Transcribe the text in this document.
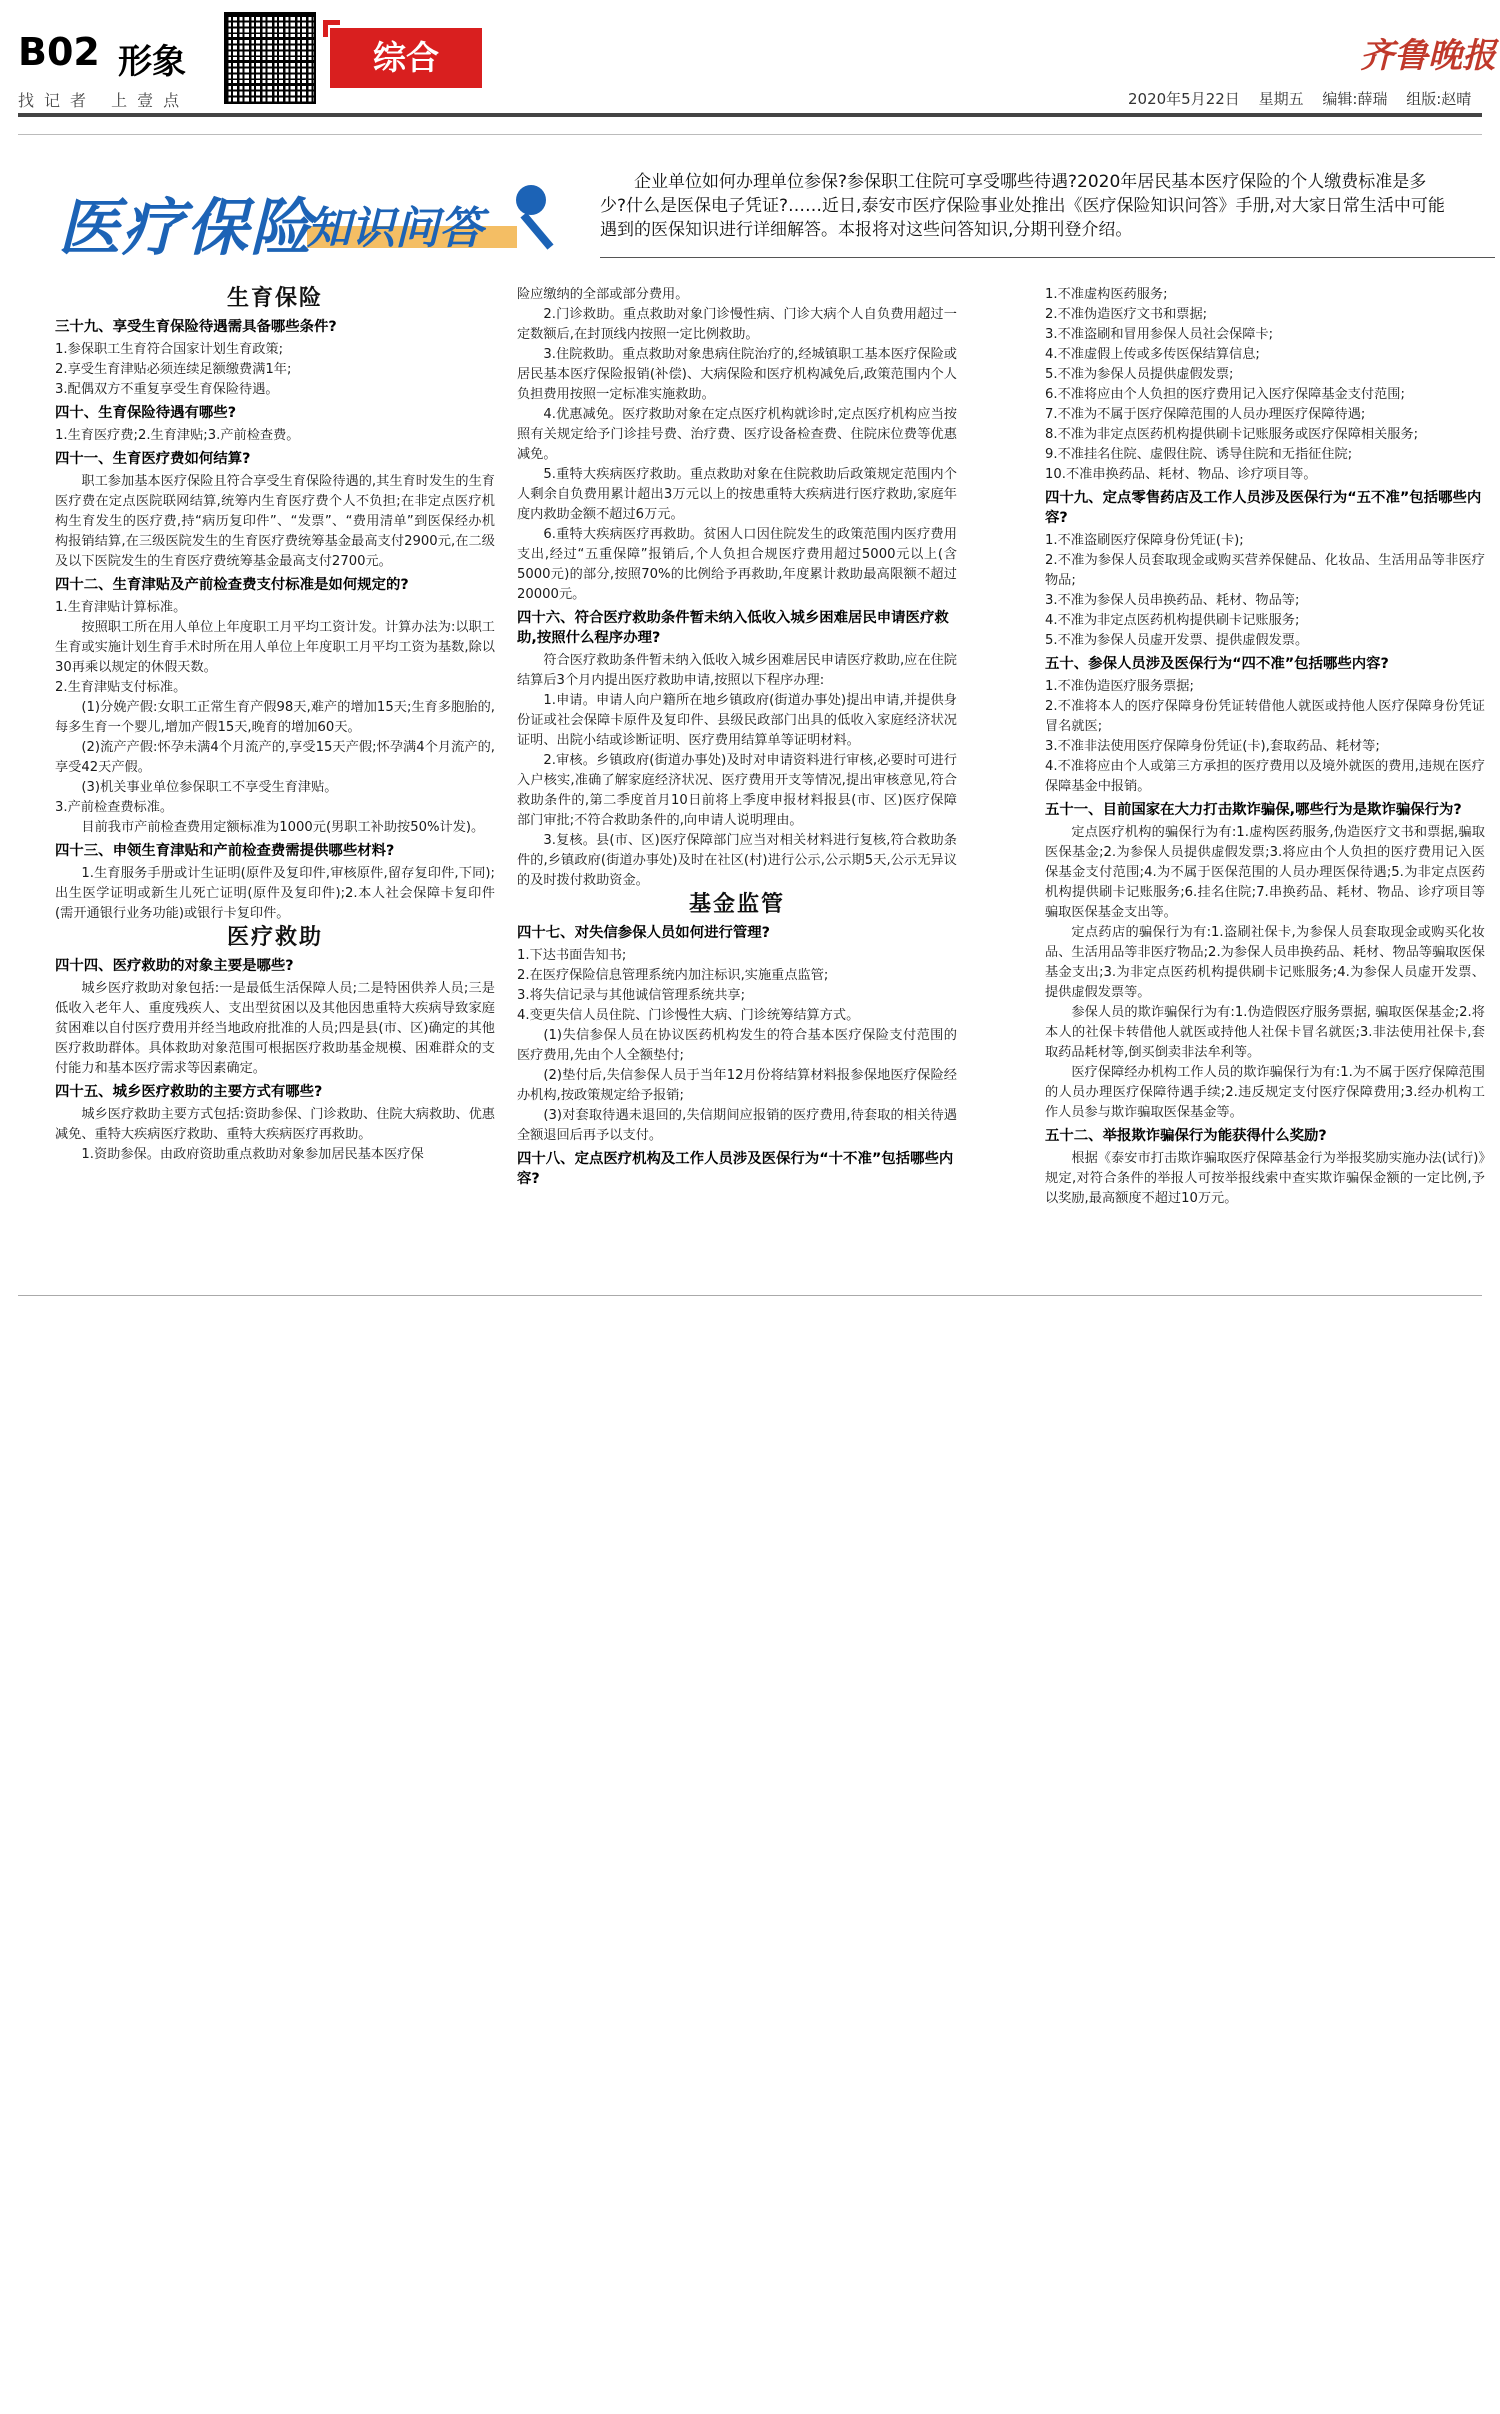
B02 形象	综合
找记者 上壹点
齐鲁晚报
2020年5月22日 星期五 编辑:薛瑞 组版:赵晴
医疗保险
知识问答
企业单位如何办理单位参保?参保职工住院可享受哪些待遇?2020年居民基本医疗保险的个人缴费标准是多少?什么是医保电子凭证?……近日,泰安市医疗保险事业处推出《医疗保险知识问答》手册,对大家日常生活中可能遇到的医保知识进行详细解答。本报将对这些问答知识,分期刊登介绍。
生育保险
三十九、享受生育保险待遇需具备哪些条件?

1.参保职工生育符合国家计划生育政策;

2.享受生育津贴必须连续足额缴费满1年;

3.配偶双方不重复享受生育保险待遇。

四十、生育保险待遇有哪些?

1.生育医疗费;2.生育津贴;3.产前检查费。

四十一、生育医疗费如何结算?

职工参加基本医疗保险且符合享受生育保险待遇的,其生育时发生的生育医疗费在定点医院联网结算,统筹内生育医疗费个人不负担;在非定点医疗机构生育发生的医疗费,持“病历复印件”、“发票”、“费用清单”到医保经办机构报销结算,在三级医院发生的生育医疗费统筹基金最高支付2900元,在二级及以下医院发生的生育医疗费统筹基金最高支付2700元。

四十二、生育津贴及产前检查费支付标准是如何规定的?

1.生育津贴计算标准。

按照职工所在用人单位上年度职工月平均工资计发。计算办法为:以职工生育或实施计划生育手术时所在用人单位上年度职工月平均工资为基数,除以30再乘以规定的休假天数。

2.生育津贴支付标准。

(1)分娩产假:女职工正常生育产假98天,难产的增加15天;生育多胞胎的,每多生育一个婴儿,增加产假15天,晚育的增加60天。

(2)流产产假:怀孕未满4个月流产的,享受15天产假;怀孕满4个月流产的,享受42天产假。

(3)机关事业单位参保职工不享受生育津贴。

3.产前检查费标准。

目前我市产前检查费用定额标准为1000元(男职工补助按50%计发)。

四十三、申领生育津贴和产前检查费需提供哪些材料?

1.生育服务手册或计生证明(原件及复印件,审核原件,留存复印件,下同);出生医学证明或新生儿死亡证明(原件及复印件);2.本人社会保障卡复印件(需开通银行业务功能)或银行卡复印件。

医疗救助
四十四、医疗救助的对象主要是哪些?

城乡医疗救助对象包括:一是最低生活保障人员;二是特困供养人员;三是低收入老年人、重度残疾人、支出型贫困以及其他因患重特大疾病导致家庭贫困难以自付医疗费用并经当地政府批准的人员;四是县(市、区)确定的其他医疗救助群体。具体救助对象范围可根据医疗救助基金规模、困难群众的支付能力和基本医疗需求等因素确定。

四十五、城乡医疗救助的主要方式有哪些?

城乡医疗救助主要方式包括:资助参保、门诊救助、住院大病救助、优惠减免、重特大疾病医疗救助、重特大疾病医疗再救助。

1.资助参保。由政府资助重点救助对象参加居民基本医疗保

险应缴纳的全部或部分费用。

2.门诊救助。重点救助对象门诊慢性病、门诊大病个人自负费用超过一定数额后,在封顶线内按照一定比例救助。

3.住院救助。重点救助对象患病住院治疗的,经城镇职工基本医疗保险或居民基本医疗保险报销(补偿)、大病保险和医疗机构减免后,政策范围内个人负担费用按照一定标准实施救助。

4.优惠减免。医疗救助对象在定点医疗机构就诊时,定点医疗机构应当按照有关规定给予门诊挂号费、治疗费、医疗设备检查费、住院床位费等优惠减免。

5.重特大疾病医疗救助。重点救助对象在住院救助后政策规定范围内个人剩余自负费用累计超出3万元以上的按患重特大疾病进行医疗救助,家庭年度内救助金额不超过6万元。

6.重特大疾病医疗再救助。贫困人口因住院发生的政策范围内医疗费用支出,经过“五重保障”报销后,个人负担合规医疗费用超过5000元以上(含5000元)的部分,按照70%的比例给予再救助,年度累计救助最高限额不超过20000元。

四十六、符合医疗救助条件暂未纳入低收入城乡困难居民申请医疗救助,按照什么程序办理?

符合医疗救助条件暂未纳入低收入城乡困难居民申请医疗救助,应在住院结算后3个月内提出医疗救助申请,按照以下程序办理:

1.申请。申请人向户籍所在地乡镇政府(街道办事处)提出申请,并提供身份证或社会保障卡原件及复印件、县级民政部门出具的低收入家庭经济状况证明、出院小结或诊断证明、医疗费用结算单等证明材料。

2.审核。乡镇政府(街道办事处)及时对申请资料进行审核,必要时可进行入户核实,准确了解家庭经济状况、医疗费用开支等情况,提出审核意见,符合救助条件的,第二季度首月10日前将上季度申报材料报县(市、区)医疗保障部门审批;不符合救助条件的,向申请人说明理由。

3.复核。县(市、区)医疗保障部门应当对相关材料进行复核,符合救助条件的,乡镇政府(街道办事处)及时在社区(村)进行公示,公示期5天,公示无异议的及时拨付救助资金。

基金监管
四十七、对失信参保人员如何进行管理?

1.下达书面告知书;

2.在医疗保险信息管理系统内加注标识,实施重点监管;

3.将失信记录与其他诚信管理系统共享;

4.变更失信人员住院、门诊慢性大病、门诊统筹结算方式。

(1)失信参保人员在协议医药机构发生的符合基本医疗保险支付范围的医疗费用,先由个人全额垫付;

(2)垫付后,失信参保人员于当年12月份将结算材料报参保地医疗保险经办机构,按政策规定给予报销;

(3)对套取待遇未退回的,失信期间应报销的医疗费用,待套取的相关待遇全额退回后再予以支付。

四十八、定点医疗机构及工作人员涉及医保行为“十不准”包括哪些内容?

1.不准虚构医药服务;

2.不准伪造医疗文书和票据;

3.不准盗刷和冒用参保人员社会保障卡;

4.不准虚假上传或多传医保结算信息;

5.不准为参保人员提供虚假发票;

6.不准将应由个人负担的医疗费用记入医疗保障基金支付范围;

7.不准为不属于医疗保障范围的人员办理医疗保障待遇;

8.不准为非定点医药机构提供刷卡记账服务或医疗保障相关服务;

9.不准挂名住院、虚假住院、诱导住院和无指征住院;

10.不准串换药品、耗材、物品、诊疗项目等。

四十九、定点零售药店及工作人员涉及医保行为“五不准”包括哪些内容?

1.不准盗刷医疗保障身份凭证(卡);

2.不准为参保人员套取现金或购买营养保健品、化妆品、生活用品等非医疗物品;

3.不准为参保人员串换药品、耗材、物品等;

4.不准为非定点医药机构提供刷卡记账服务;

5.不准为参保人员虚开发票、提供虚假发票。

五十、参保人员涉及医保行为“四不准”包括哪些内容?

1.不准伪造医疗服务票据;

2.不准将本人的医疗保障身份凭证转借他人就医或持他人医疗保障身份凭证冒名就医;

3.不准非法使用医疗保障身份凭证(卡),套取药品、耗材等;

4.不准将应由个人或第三方承担的医疗费用以及境外就医的费用,违规在医疗保障基金中报销。

五十一、目前国家在大力打击欺诈骗保,哪些行为是欺诈骗保行为?

定点医疗机构的骗保行为有:1.虚构医药服务,伪造医疗文书和票据,骗取医保基金;2.为参保人员提供虚假发票;3.将应由个人负担的医疗费用记入医保基金支付范围;4.为不属于医保范围的人员办理医保待遇;5.为非定点医药机构提供刷卡记账服务;6.挂名住院;7.串换药品、耗材、物品、诊疗项目等骗取医保基金支出等。

定点药店的骗保行为有:1.盗刷社保卡,为参保人员套取现金或购买化妆品、生活用品等非医疗物品;2.为参保人员串换药品、耗材、物品等骗取医保基金支出;3.为非定点医药机构提供刷卡记账服务;4.为参保人员虚开发票、提供虚假发票等。

参保人员的欺诈骗保行为有:1.伪造假医疗服务票据, 骗取医保基金;2.将本人的社保卡转借他人就医或持他人社保卡冒名就医;3.非法使用社保卡,套取药品耗材等,倒买倒卖非法牟利等。

医疗保障经办机构工作人员的欺诈骗保行为有:1.为不属于医疗保障范围的人员办理医疗保障待遇手续;2.违反规定支付医疗保障费用;3.经办机构工作人员参与欺诈骗取医保基金等。

五十二、举报欺诈骗保行为能获得什么奖励?

根据《泰安市打击欺诈骗取医疗保障基金行为举报奖励实施办法(试行)》规定,对符合条件的举报人可按举报线索中查实欺诈骗保金额的一定比例,予以奖励,最高额度不超过10万元。
